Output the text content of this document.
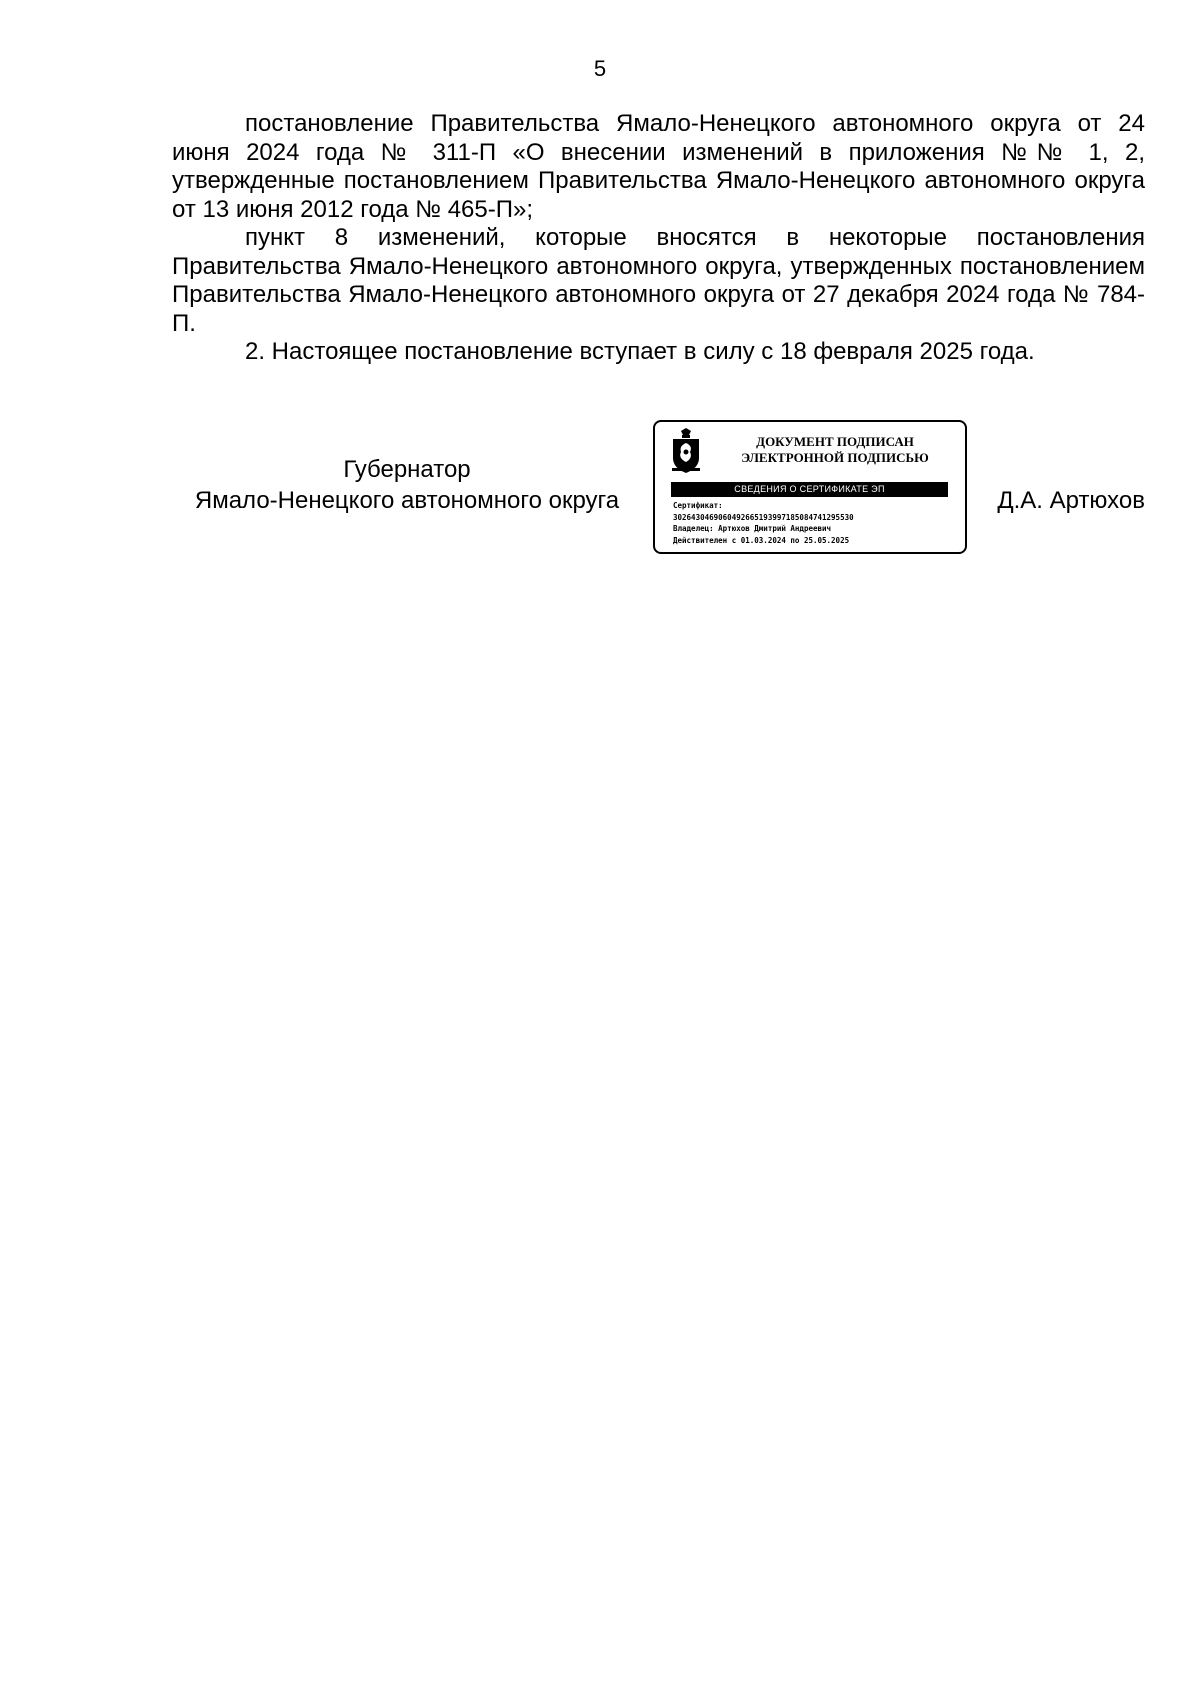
5

постановление Правительства Ямало-Ненецкого автономного округа от 24 июня 2024 года № 311-П «О внесении изменений в приложения №№ 1, 2, утвержденные постановлением Правительства Ямало-Ненецкого автономного округа от 13 июня 2012 года № 465-П»;

пункт 8 изменений, которые вносятся в некоторые постановления Правительства Ямало-Ненецкого автономного округа, утвержденных постановлением Правительства Ямало-Ненецкого автономного округа от 27 декабря 2024 года № 784-П.

2. Настоящее постановление вступает в силу с 18 февраля 2025 года.

Губернатор
Ямало-Ненецкого автономного округа
ДОКУМЕНТ ПОДПИСАН
ЭЛЕКТРОННОЙ ПОДПИСЬЮ
СВЕДЕНИЯ О СЕРТИФИКАТЕ ЭП
Сертификат:
3026430469060492665193997185084741295530
Владелец: Артюхов Дмитрий Андреевич
Действителен с 01.03.2024 по 25.05.2025
Д.А. Артюхов
